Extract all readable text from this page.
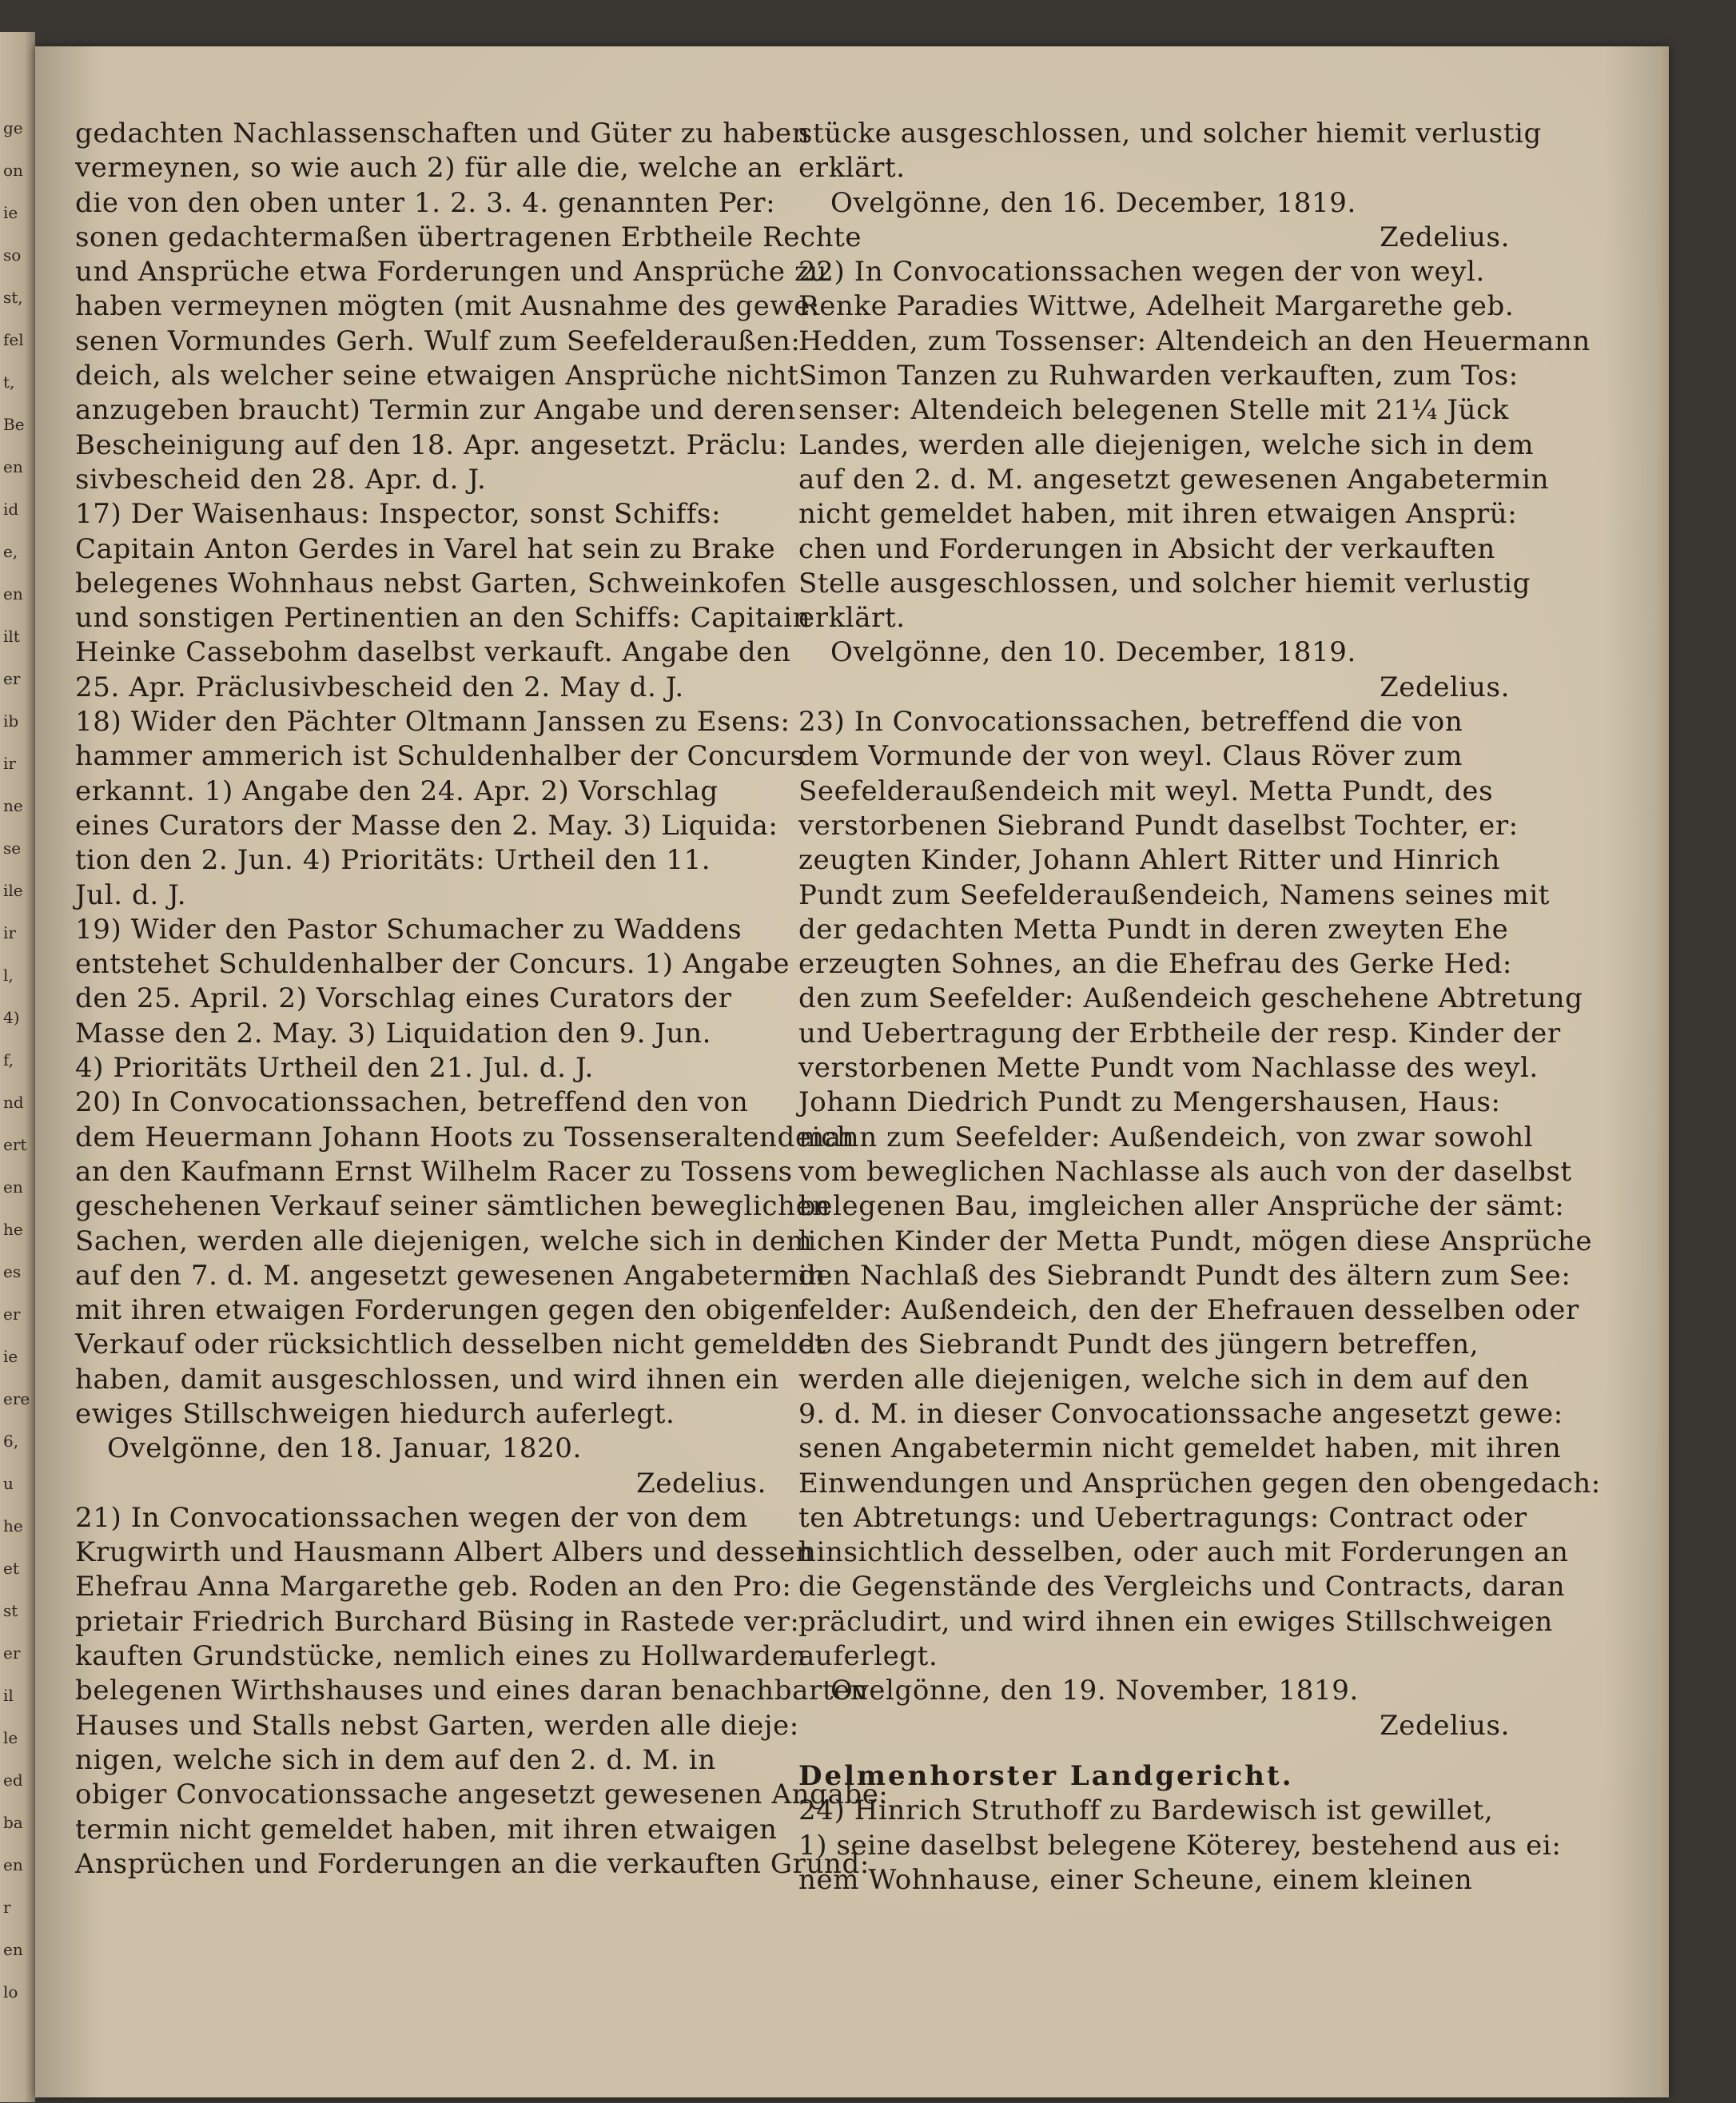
ge
on
ie
so
st,
fel
t,
Be
en
id
e,
en
ilt
er
ib
ir
ne
se
ile
ir
l,
4)
f,
nd
ert
en
he
es
er
ie
ere
6,
u
he
et
st
er
il
le
ed
ba
en
r
en
lo

gedachten Nachlassenschaften und Güter zu haben
vermeynen, so wie auch 2) für alle die, welche an
die von den oben unter 1. 2. 3. 4. genannten Per:
sonen gedachtermaßen übertragenen Erbtheile Rechte
und Ansprüche etwa Forderungen und Ansprüche zu
haben vermeynen mögten (mit Ausnahme des gewe:
senen Vormundes Gerh. Wulf zum Seefelderaußen:
deich, als welcher seine etwaigen Ansprüche nicht
anzugeben braucht) Termin zur Angabe und deren
Bescheinigung auf den 18. Apr. angesetzt. Präclu:
sivbescheid den 28. Apr. d. J.

17) Der Waisenhaus: Inspector, sonst Schiffs:
Capitain Anton Gerdes in Varel hat sein zu Brake
belegenes Wohnhaus nebst Garten, Schweinkofen
und sonstigen Pertinentien an den Schiffs: Capitain
Heinke Cassebohm daselbst verkauft. Angabe den
25. Apr. Präclusivbescheid den 2. May d. J.

18) Wider den Pächter Oltmann Janssen zu Esens:
hammer ammerich ist Schuldenhalber der Concurs
erkannt. 1) Angabe den 24. Apr. 2) Vorschlag
eines Curators der Masse den 2. May. 3) Liquida:
tion den 2. Jun. 4) Prioritäts: Urtheil den 11.
Jul. d. J.

19) Wider den Pastor Schumacher zu Waddens
entstehet Schuldenhalber der Concurs. 1) Angabe
den 25. April. 2) Vorschlag eines Curators der
Masse den 2. May. 3) Liquidation den 9. Jun.
4) Prioritäts Urtheil den 21. Jul. d. J.

20) In Convocationssachen, betreffend den von
dem Heuermann Johann Hoots zu Tossenseraltendeich
an den Kaufmann Ernst Wilhelm Racer zu Tossens
geschehenen Verkauf seiner sämtlichen beweglichen
Sachen, werden alle diejenigen, welche sich in dem
auf den 7. d. M. angesetzt gewesenen Angabetermin
mit ihren etwaigen Forderungen gegen den obigen
Verkauf oder rücksichtlich desselben nicht gemeldet
haben, damit ausgeschlossen, und wird ihnen ein
ewiges Stillschweigen hiedurch auferlegt.
Ovelgönne, den 18. Januar, 1820.
Zedelius.

21) In Convocationssachen wegen der von dem
Krugwirth und Hausmann Albert Albers und dessen
Ehefrau Anna Margarethe geb. Roden an den Pro:
prietair Friedrich Burchard Büsing in Rastede ver:
kauften Grundstücke, nemlich eines zu Hollwarden
belegenen Wirthshauses und eines daran benachbarten
Hauses und Stalls nebst Garten, werden alle dieje:
nigen, welche sich in dem auf den 2. d. M. in
obiger Convocationssache angesetzt gewesenen Angabe:
termin nicht gemeldet haben, mit ihren etwaigen
Ansprüchen und Forderungen an die verkauften Grund:

stücke ausgeschlossen, und solcher hiemit verlustig
erklärt.
Ovelgönne, den 16. December, 1819.
Zedelius.

22) In Convocationssachen wegen der von weyl.
Renke Paradies Wittwe, Adelheit Margarethe geb.
Hedden, zum Tossenser: Altendeich an den Heuermann
Simon Tanzen zu Ruhwarden verkauften, zum Tos:
senser: Altendeich belegenen Stelle mit 21¼ Jück
Landes, werden alle diejenigen, welche sich in dem
auf den 2. d. M. angesetzt gewesenen Angabetermin
nicht gemeldet haben, mit ihren etwaigen Ansprü:
chen und Forderungen in Absicht der verkauften
Stelle ausgeschlossen, und solcher hiemit verlustig
erklärt.
Ovelgönne, den 10. December, 1819.
Zedelius.

23) In Convocationssachen, betreffend die von
dem Vormunde der von weyl. Claus Röver zum
Seefelderaußendeich mit weyl. Metta Pundt, des
verstorbenen Siebrand Pundt daselbst Tochter, er:
zeugten Kinder, Johann Ahlert Ritter und Hinrich
Pundt zum Seefelderaußendeich, Namens seines mit
der gedachten Metta Pundt in deren zweyten Ehe
erzeugten Sohnes, an die Ehefrau des Gerke Hed:
den zum Seefelder: Außendeich geschehene Abtretung
und Uebertragung der Erbtheile der resp. Kinder der
verstorbenen Mette Pundt vom Nachlasse des weyl.
Johann Diedrich Pundt zu Mengershausen, Haus:
mann zum Seefelder: Außendeich, von zwar sowohl
vom beweglichen Nachlasse als auch von der daselbst
belegenen Bau, imgleichen aller Ansprüche der sämt:
lichen Kinder der Metta Pundt, mögen diese Ansprüche
den Nachlaß des Siebrandt Pundt des ältern zum See:
felder: Außendeich, den der Ehefrauen desselben oder
den des Siebrandt Pundt des jüngern betreffen,
werden alle diejenigen, welche sich in dem auf den
9. d. M. in dieser Convocationssache angesetzt gewe:
senen Angabetermin nicht gemeldet haben, mit ihren
Einwendungen und Ansprüchen gegen den obengedach:
ten Abtretungs: und Uebertragungs: Contract oder
hinsichtlich desselben, oder auch mit Forderungen an
die Gegenstände des Vergleichs und Contracts, daran
präcludirt, und wird ihnen ein ewiges Stillschweigen
auferlegt.
Ovelgönne, den 19. November, 1819.
Zedelius.

Delmenhorster Landgericht.

24) Hinrich Struthoff zu Bardewisch ist gewillet,
1) seine daselbst belegene Köterey, bestehend aus ei:
nem Wohnhause, einer Scheune, einem kleinen
